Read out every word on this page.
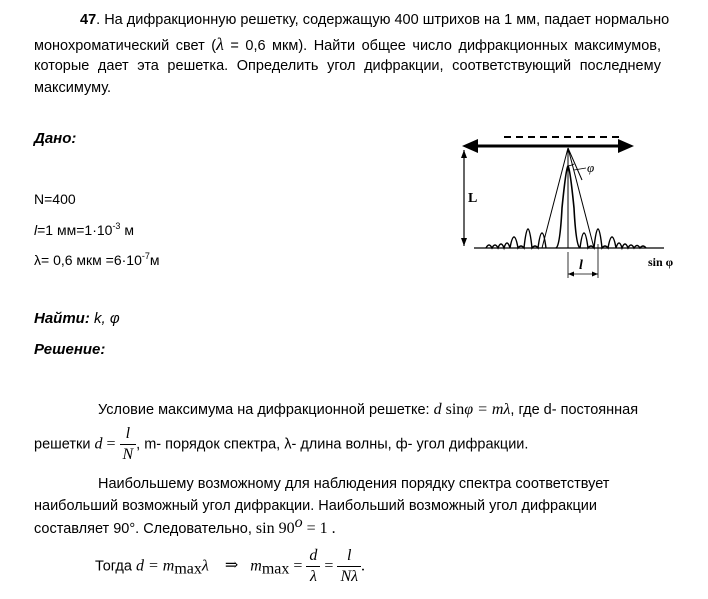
47. На дифракционную решетку, содержащую 400 штрихов на 1 мм, падает нормально
монохроматический свет (λ = 0,6 мкм). Найти общее число дифракционных максимумов,
которые дает эта решетка. Определить угол дифракции, соответствующий последнему
максимуму.
Дано:
N=400
l=1 $мм=1\cdot 10^{-3}$ м
λ= 0,6 мкм $=6\cdot 10^{-7}м$
Найти: k, φ
Решение:
Условие максимума на дифракционной решетке: d sinφ = mλ, где d- постоянная
решетки $d = \frac{l}{N}$ , m- порядок спектра, λ- длина волны, ф- угол дифракции.
Наибольшему возможному для наблюдения порядку спектра соответствует
наибольший возможный угол дифракции. Наибольший возможный угол дифракции
составляет 90°. Следовательно, $\sin 90^o = 1$ .
Тогда $d = m_{max}\lambda$ ⇒ $m_{max} = \frac{d}{\lambda} = \frac{l}{N\lambda}$ .
L
φ
l	sin φ
